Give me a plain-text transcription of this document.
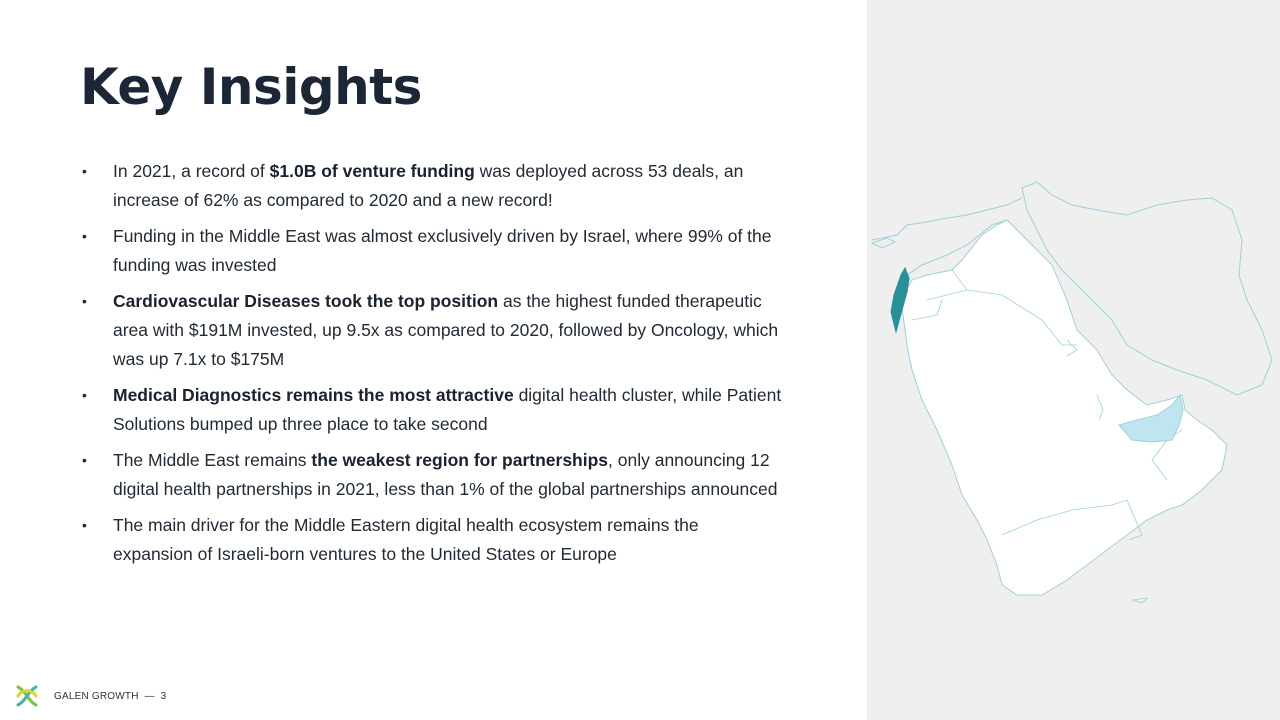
Key Insights
• In 2021, a record of $1.0B of venture funding was deployed across 53 deals, an increase of 62% as compared to 2020 and a new record!
• Funding in the Middle East was almost exclusively driven by Israel, where 99% of the funding was invested
• Cardiovascular Diseases took the top position as the highest funded therapeutic area with $191M invested, up 9.5x as compared to 2020, followed by Oncology, which was up 7.1x to $175M
• Medical Diagnostics remains the most attractive digital health cluster, while Patient Solutions bumped up three place to take second
• The Middle East remains the weakest region for partnerships, only announcing 12 digital health partnerships in 2021, less than 1% of the global partnerships announced
• The main driver for the Middle Eastern digital health ecosystem remains the expansion of Israeli-born ventures to the United States or Europe
GALEN GROWTH — 3
